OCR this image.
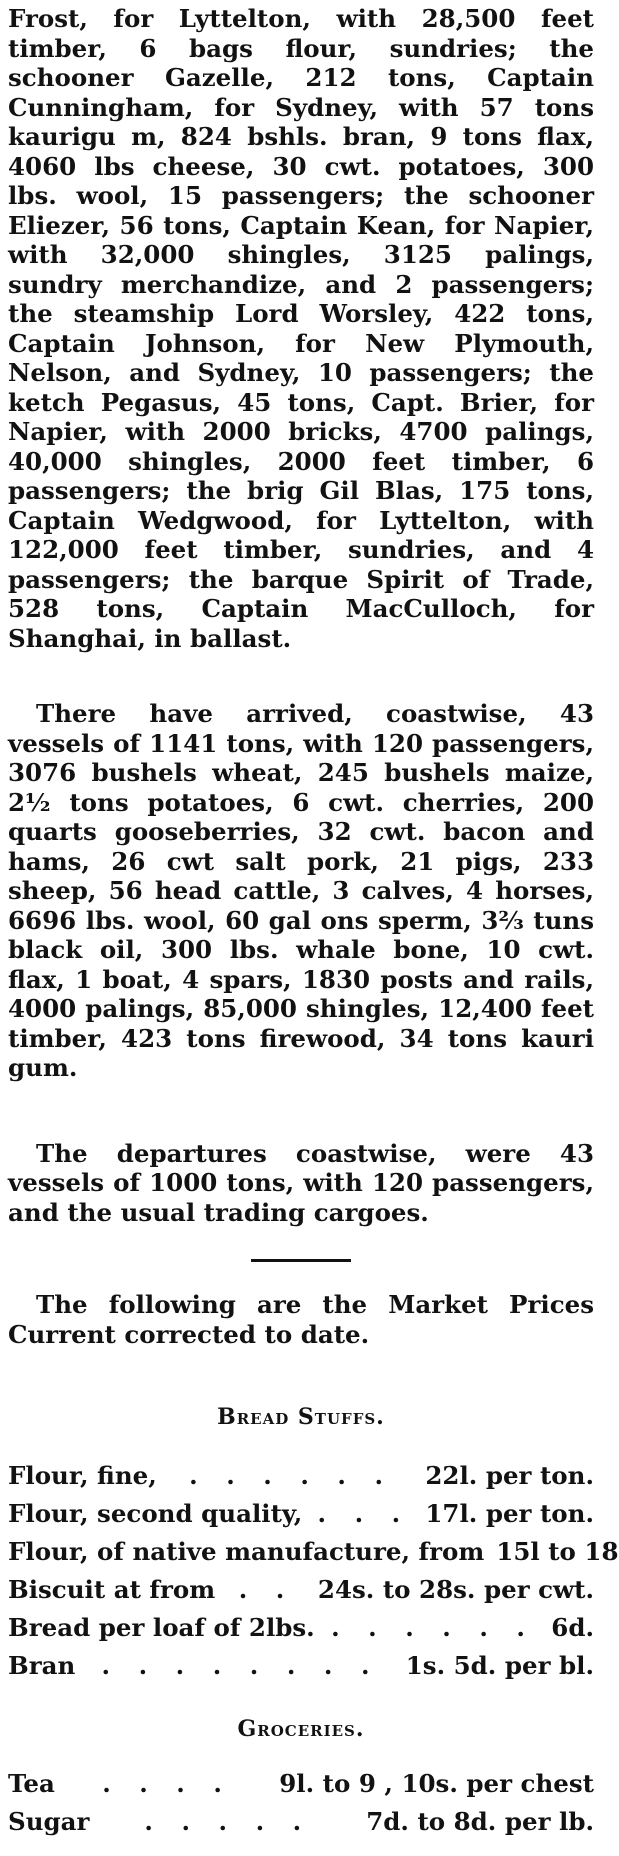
Frost, for Lyttelton, with 28,500 feet timber, 6 bags flour, sundries; the schooner Gazelle, 212 tons, Captain Cunningham, for Sydney, with 57 tons kaurigu m, 824 bshls. bran, 9 tons flax, 4060 lbs cheese, 30 cwt. potatoes, 300 lbs. wool, 15 passengers; the schooner Eliezer, 56 tons, Captain Kean, for Napier, with 32,000 shingles, 3125 palings, sundry merchandize, and 2 passengers; the steamship Lord Worsley, 422 tons, Captain Johnson, for New Plymouth, Nelson, and Sydney, 10 passengers; the ketch Pegasus, 45 tons, Capt. Brier, for Napier, with 2000 bricks, 4700 palings, 40,000 shingles, 2000 feet timber, 6 passengers; the brig Gil Blas, 175 tons, Captain Wedgwood, for Lyttelton, with 122,000 feet timber, sundries, and 4 passengers; the barque Spirit of Trade, 528 tons, Captain MacCulloch, for Shanghai, in ballast.

There have arrived, coastwise, 43 vessels of 1141 tons, with 120 passengers, 3076 bushels wheat, 245 bushels maize, 2½ tons potatoes, 6 cwt. cherries, 200 quarts gooseberries, 32 cwt. bacon and hams, 26 cwt salt pork, 21 pigs, 233 sheep, 56 head cattle, 3 calves, 4 horses, 6696 lbs. wool, 60 gal ons sperm, 3⅔ tuns black oil, 300 lbs. whale bone, 10 cwt. flax, 1 boat, 4 spars, 1830 posts and rails, 4000 palings, 85,000 shingles, 12,400 feet timber, 423 tons firewood, 34 tons kauri gum.

The departures coastwise, were 43 vessels of 1000 tons, with 120 passengers, and the usual trading cargoes.

The following are the Market Prices Current corrected to date.

Bread Stuffs.
Flour, fine,	. . . . . .	22l. per ton.
Flour, second quality, . . . 17l. per ton.
Flour, of native manufacture, from 15l to 18
Biscuit at from . . 24s. to 28s. per cwt.
Bread per loaf of 2lbs. . . . . . . 6d.
Bran	. . . . . . . .	1s. 5d. per bl.
Groceries.
Tea	. . . .	9l. to 9 , 10s. per chest
Sugar	. . . . .	7d. to 8d. per lb.
